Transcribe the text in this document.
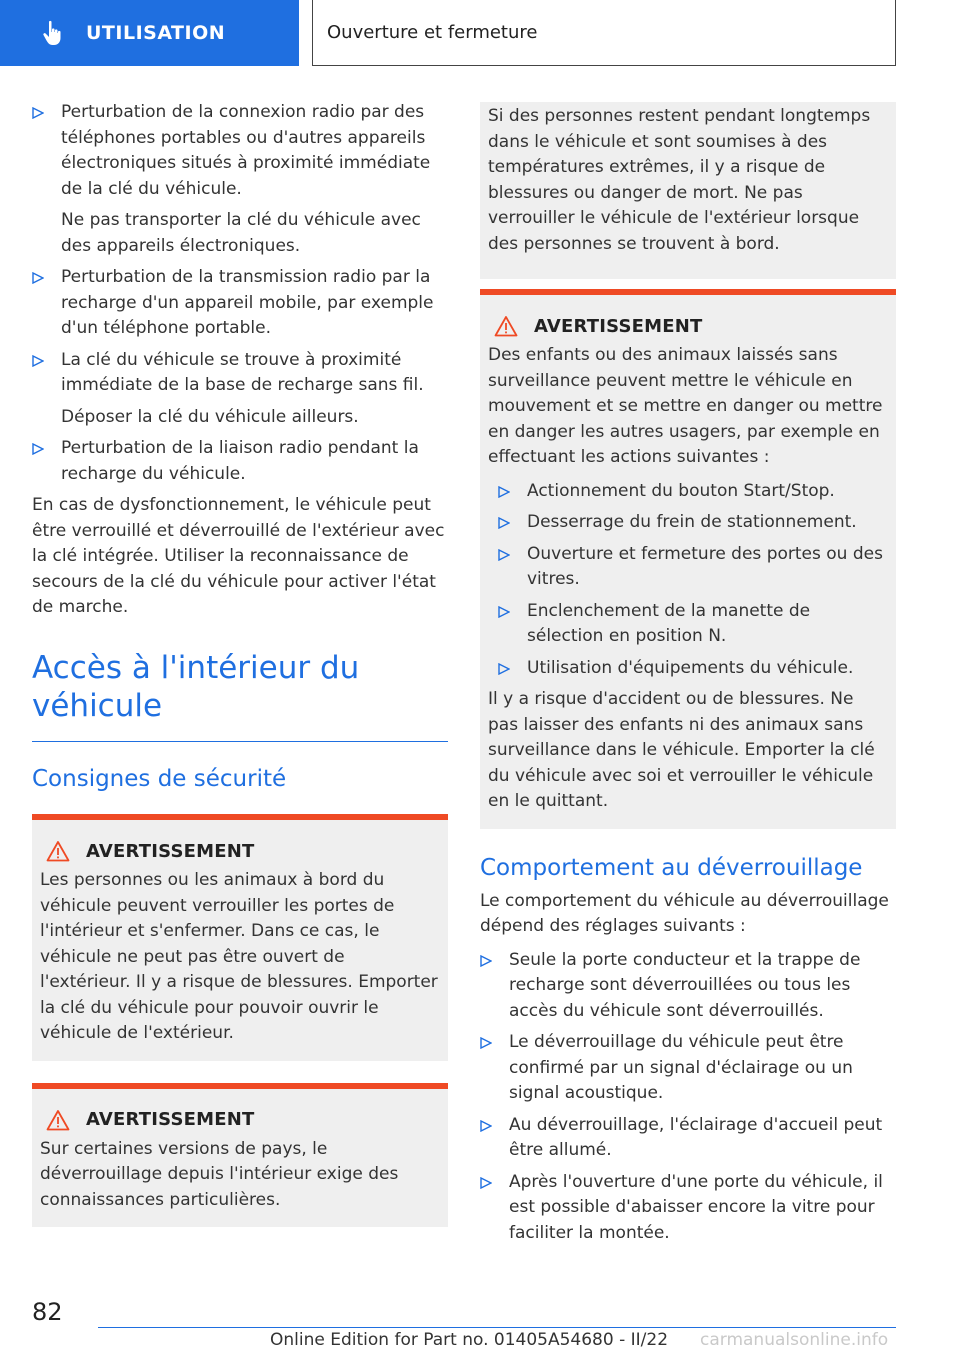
UTILISATION	Ouverture et fermeture
Perturbation de la connexion radio par des téléphones portables ou d'autres appareils électroniques situés à proximité immédiate de la clé du véhicule.
Ne pas transporter la clé du véhicule avec des appareils électroniques.
Perturbation de la transmission radio par la recharge d'un appareil mobile, par exemple d'un téléphone portable.
La clé du véhicule se trouve à proximité immédiate de la base de recharge sans fil.
Déposer la clé du véhicule ailleurs.
Perturbation de la liaison radio pendant la recharge du véhicule.

En cas de dysfonctionnement, le véhicule peut être verrouillé et déverrouillé de l'extérieur avec la clé intégrée. Utiliser la reconnaissance de secours de la clé du véhicule pour activer l'état de marche.

Accès à l'intérieur du véhicule
Consignes de sécurité
AVERTISSEMENT

Les personnes ou les animaux à bord du véhicule peuvent verrouiller les portes de l'intérieur et s'enfermer. Dans ce cas, le véhicule ne peut pas être ouvert de l'extérieur. Il y a risque de blessures. Emporter la clé du véhicule pour pouvoir ouvrir le véhicule de l'extérieur.

AVERTISSEMENT

Sur certaines versions de pays, le déverrouillage depuis l'intérieur exige des connaissances particulières.

Si des personnes restent pendant longtemps dans le véhicule et sont soumises à des températures extrêmes, il y a risque de blessures ou danger de mort. Ne pas verrouiller le véhicule de l'extérieur lorsque des personnes se trouvent à bord.

AVERTISSEMENT

Des enfants ou des animaux laissés sans surveillance peuvent mettre le véhicule en mouvement et se mettre en danger ou mettre en danger les autres usagers, par exemple en effectuant les actions suivantes :

Actionnement du bouton Start/Stop.
Desserrage du frein de stationnement.
Ouverture et fermeture des portes ou des vitres.
Enclenchement de la manette de sélection en position N.
Utilisation d'équipements du véhicule.

Il y a risque d'accident ou de blessures. Ne pas laisser des enfants ni des animaux sans surveillance dans le véhicule. Emporter la clé du véhicule avec soi et verrouiller le véhicule en le quittant.

Comportement au déverrouillage

Le comportement du véhicule au déverrouillage dépend des réglages suivants :

Seule la porte conducteur et la trappe de recharge sont déverrouillées ou tous les accès du véhicule sont déverrouillés.
Le déverrouillage du véhicule peut être confirmé par un signal d'éclairage ou un signal acoustique.
Au déverrouillage, l'éclairage d'accueil peut être allumé.
Après l'ouverture d'une porte du véhicule, il est possible d'abaisser encore la vitre pour faciliter la montée.
82
Online Edition for Part no. 01405A54680 - II/22 carmanualsonline.info
